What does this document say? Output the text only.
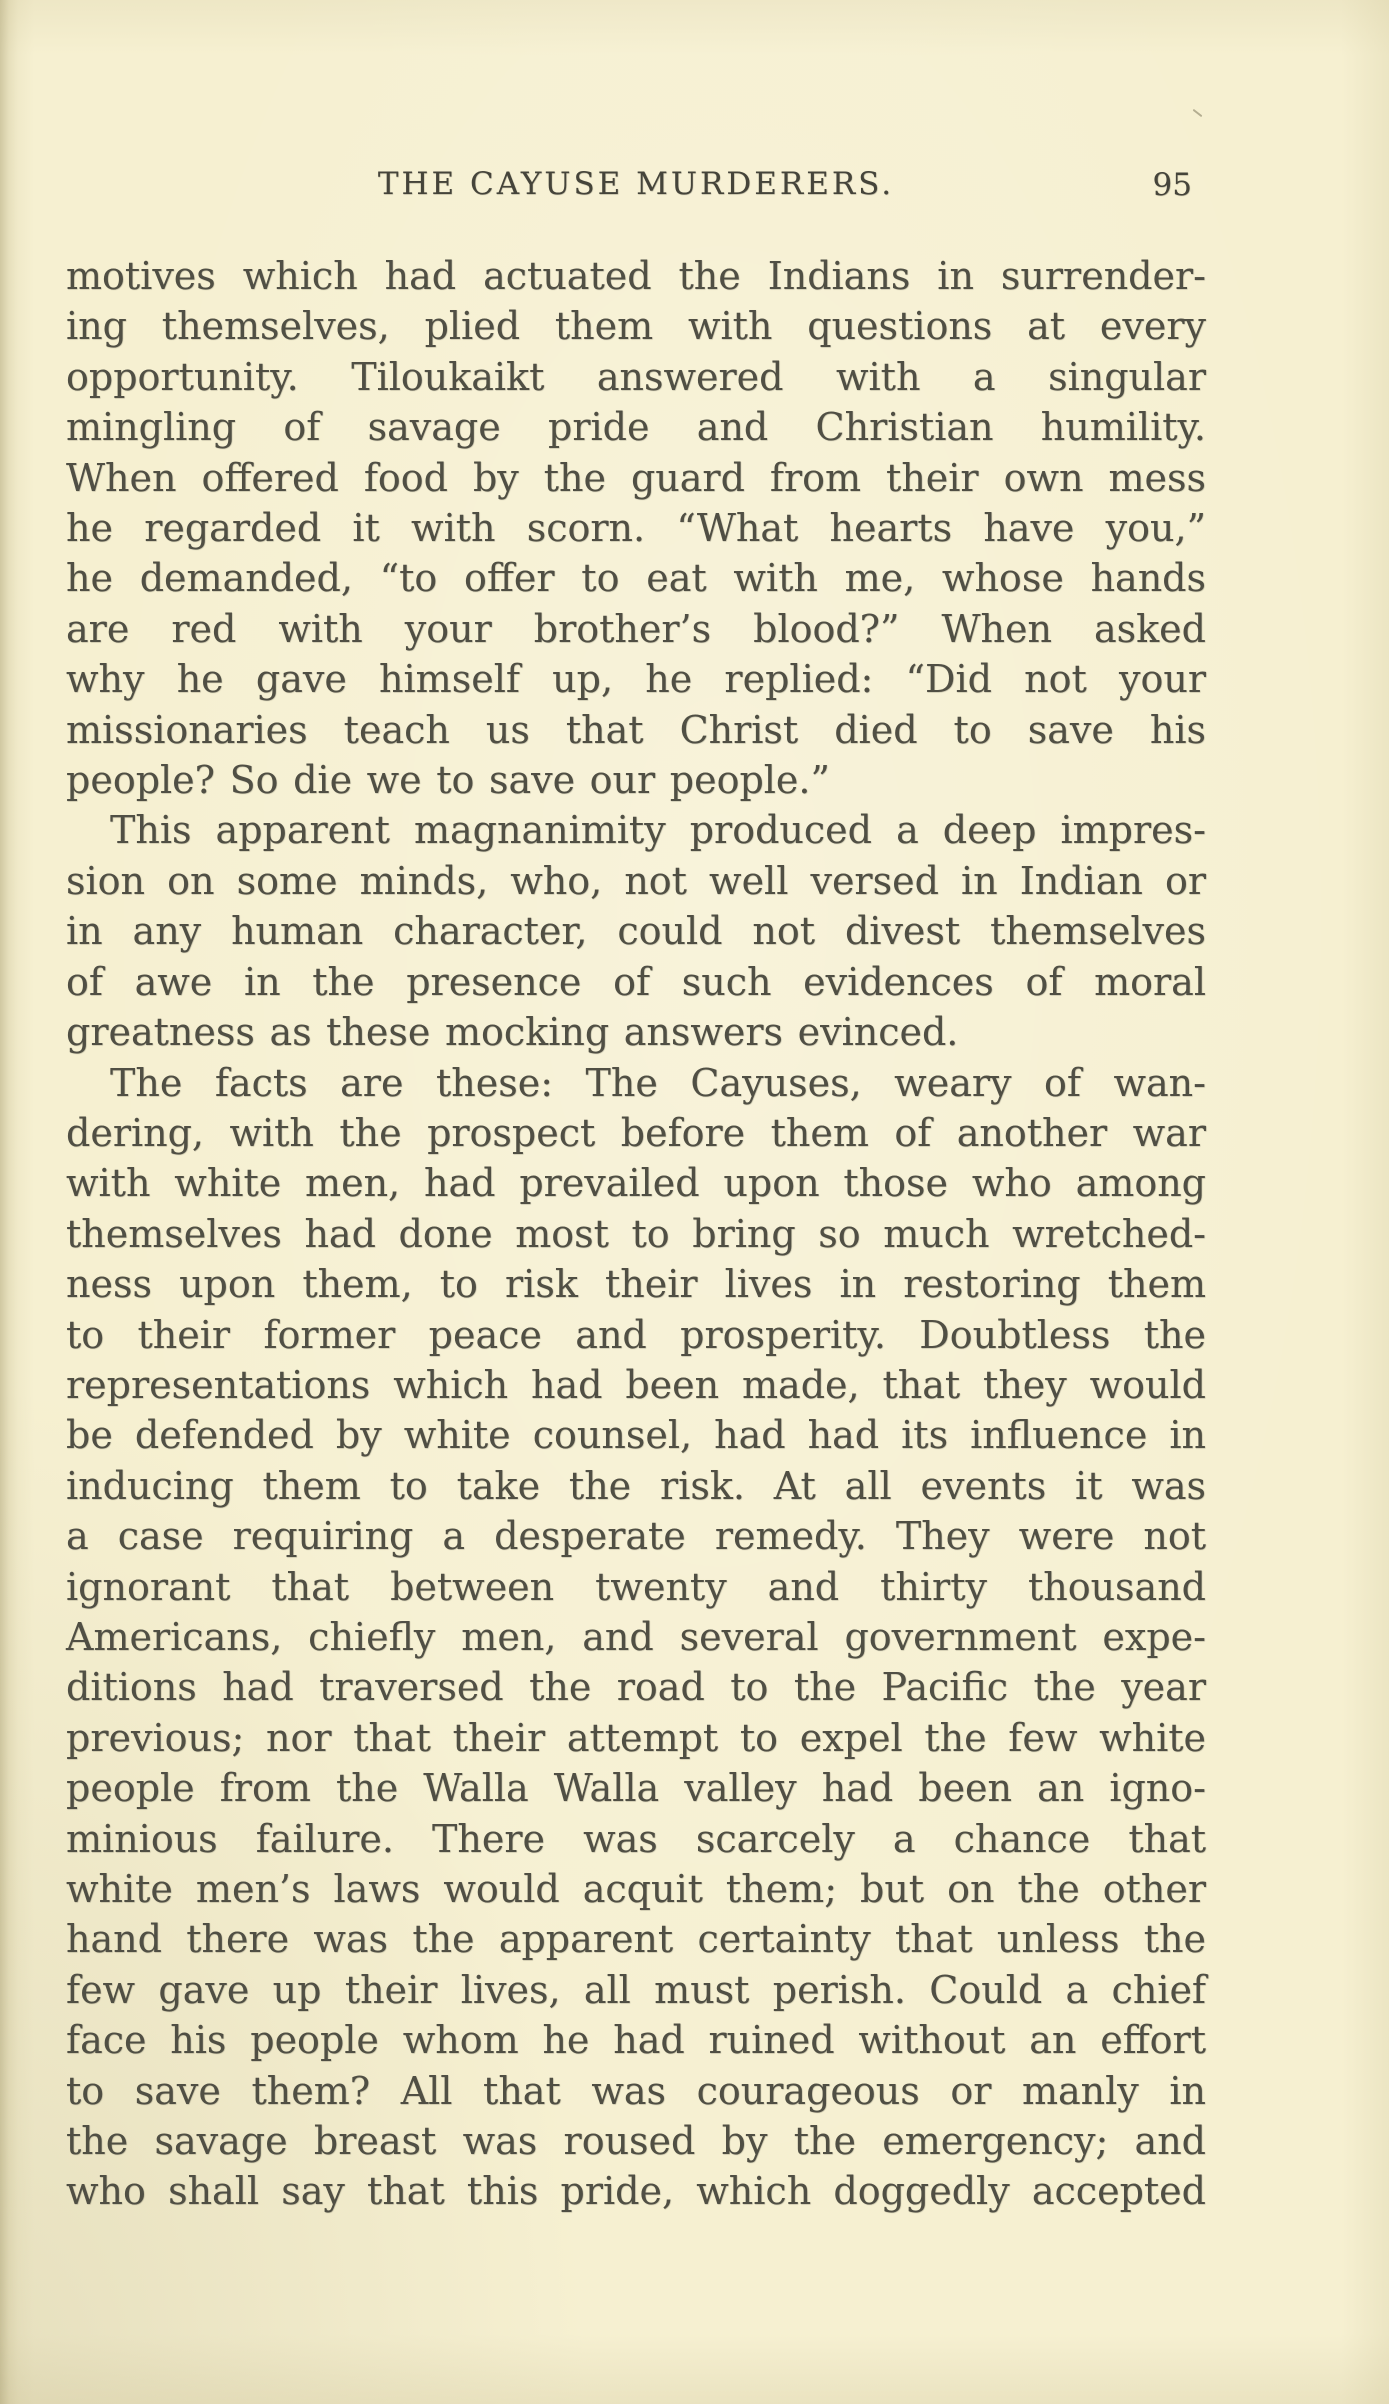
THE CAYUSE MURDERERS.	95
motives which had actuated the Indians in surrender-
ing themselves, plied them with questions at every
opportunity. Tiloukaikt answered with a singular
mingling of savage pride and Christian humility.
When offered food by the guard from their own mess
he regarded it with scorn. “What hearts have you,”
he demanded, “to offer to eat with me, whose hands
are red with your brother’s blood?” When asked
why he gave himself up, he replied: “Did not your
missionaries teach us that Christ died to save his
people? So die we to save our people.”
This apparent magnanimity produced a deep impres-
sion on some minds, who, not well versed in Indian or
in any human character, could not divest themselves
of awe in the presence of such evidences of moral
greatness as these mocking answers evinced.
The facts are these: The Cayuses, weary of wan-
dering, with the prospect before them of another war
with white men, had prevailed upon those who among
themselves had done most to bring so much wretched-
ness upon them, to risk their lives in restoring them
to their former peace and prosperity. Doubtless the
representations which had been made, that they would
be defended by white counsel, had had its influence in
inducing them to take the risk. At all events it was
a case requiring a desperate remedy. They were not
ignorant that between twenty and thirty thousand
Americans, chiefly men, and several government expe-
ditions had traversed the road to the Pacific the year
previous; nor that their attempt to expel the few white
people from the Walla Walla valley had been an igno-
minious failure. There was scarcely a chance that
white men’s laws would acquit them; but on the other
hand there was the apparent certainty that unless the
few gave up their lives, all must perish. Could a chief
face his people whom he had ruined without an effort
to save them? All that was courageous or manly in
the savage breast was roused by the emergency; and
who shall say that this pride, which doggedly accepted
